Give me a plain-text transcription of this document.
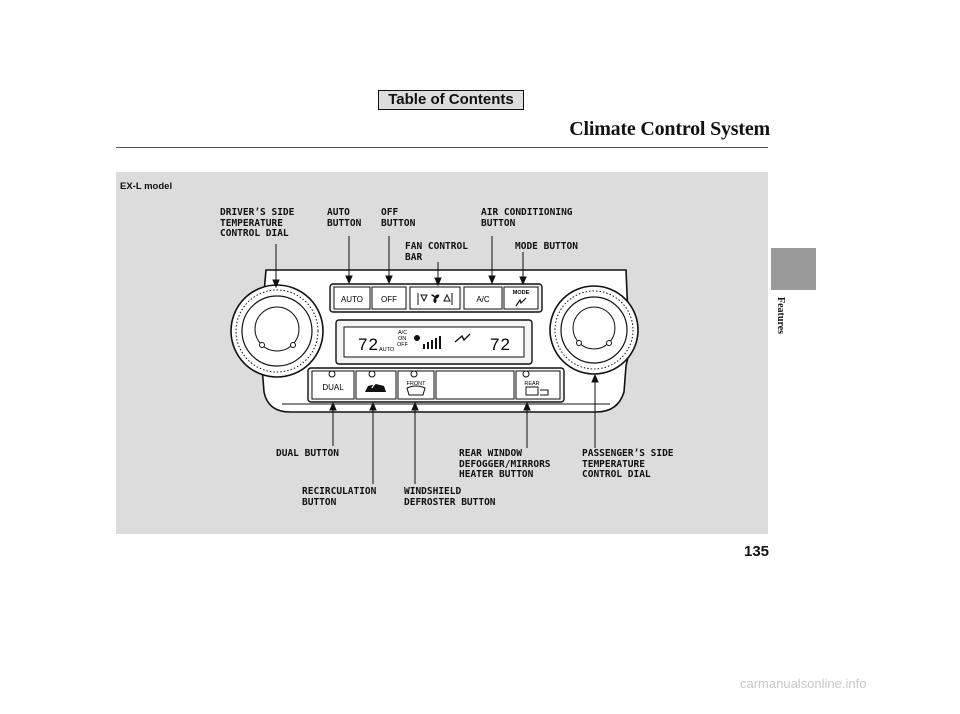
Table of Contents
Climate Control System
Features
EX-L model
AUTO OFF	A/C
MODE
72
A/C
ON
AUTO
OFF	72
DUAL	FRONT	REAR
DRIVER’S SIDE
TEMPERATURE
CONTROL DIAL
AUTO
BUTTON
OFF
BUTTON
AIR CONDITIONING
BUTTON
FAN CONTROL
BAR
MODE BUTTON
DUAL BUTTON
RECIRCULATION
BUTTON
WINDSHIELD
DEFROSTER BUTTON
REAR WINDOW
DEFOGGER/MIRRORS
HEATER BUTTON
PASSENGER’S SIDE
TEMPERATURE
CONTROL DIAL
135
carmanualsonline.info
